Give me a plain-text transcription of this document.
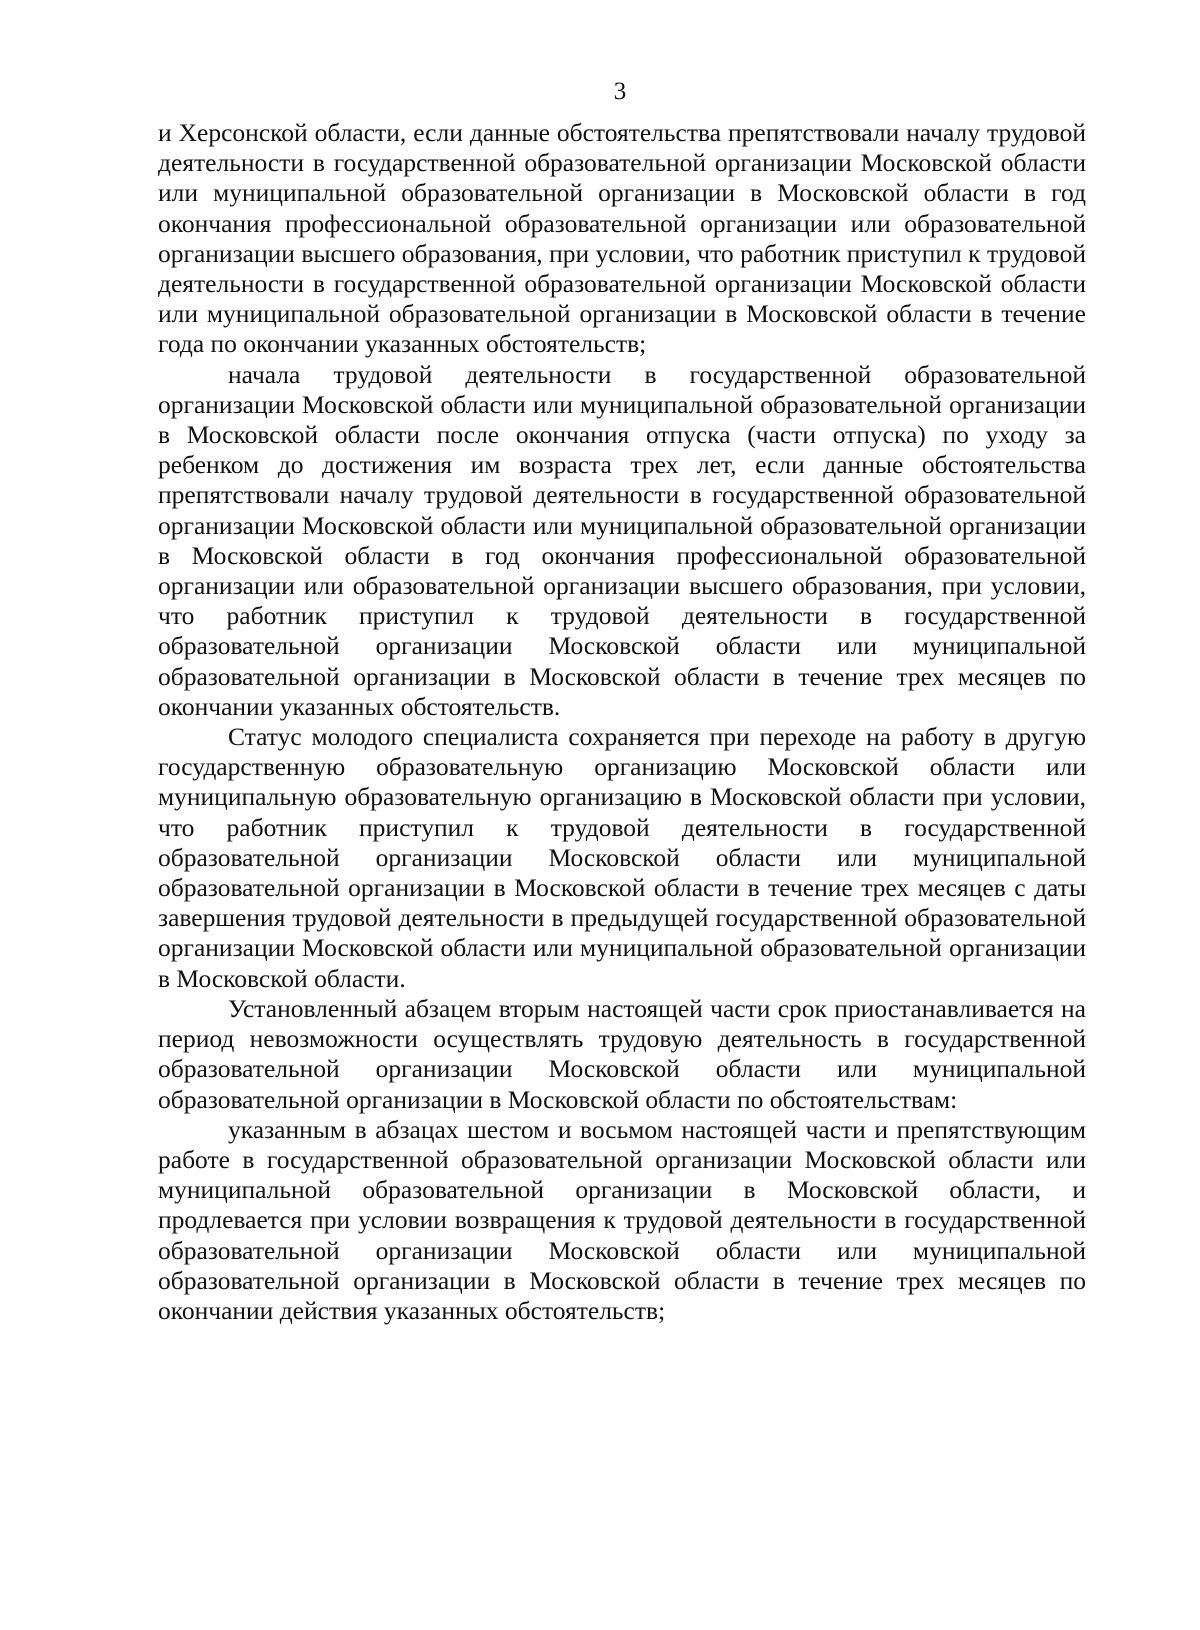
3

и Херсонской области, если данные обстоятельства препятствовали началу трудовой деятельности в государственной образовательной организации Московской области или муниципальной образовательной организации в Московской области в год окончания профессиональной образовательной организации или образовательной организации высшего образования, при условии, что работник приступил к трудовой деятельности в государственной образовательной организации Московской области или муниципальной образовательной организации в Московской области в течение года по окончании указанных обстоятельств;

начала трудовой деятельности в государственной образовательной организации Московской области или муниципальной образовательной организации в Московской области после окончания отпуска (части отпуска) по уходу за ребенком до достижения им возраста трех лет, если данные обстоятельства препятствовали началу трудовой деятельности в государственной образовательной организации Московской области или муниципальной образовательной организации в Московской области в год окончания профессиональной образовательной организации или образовательной организации высшего образования, при условии, что работник приступил к трудовой деятельности в государственной образовательной организации Московской области или муниципальной образовательной организации в Московской области в течение трех месяцев по окончании указанных обстоятельств.

Статус молодого специалиста сохраняется при переходе на работу в другую государственную образовательную организацию Московской области или муниципальную образовательную организацию в Московской области при условии, что работник приступил к трудовой деятельности в государственной образовательной организации Московской области или муниципальной образовательной организации в Московской области в течение трех месяцев с даты завершения трудовой деятельности в предыдущей государственной образовательной организации Московской области или муниципальной образовательной организации в Московской области.

Установленный абзацем вторым настоящей части срок приостанавливается на период невозможности осуществлять трудовую деятельность в государственной образовательной организации Московской области или муниципальной образовательной организации в Московской области по обстоятельствам:

указанным в абзацах шестом и восьмом настоящей части и препятствующим работе в государственной образовательной организации Московской области или муниципальной образовательной организации в Московской области, и продлевается при условии возвращения к трудовой деятельности в государственной образовательной организации Московской области или муниципальной образовательной организации в Московской области в течение трех месяцев по окончании действия указанных обстоятельств;
